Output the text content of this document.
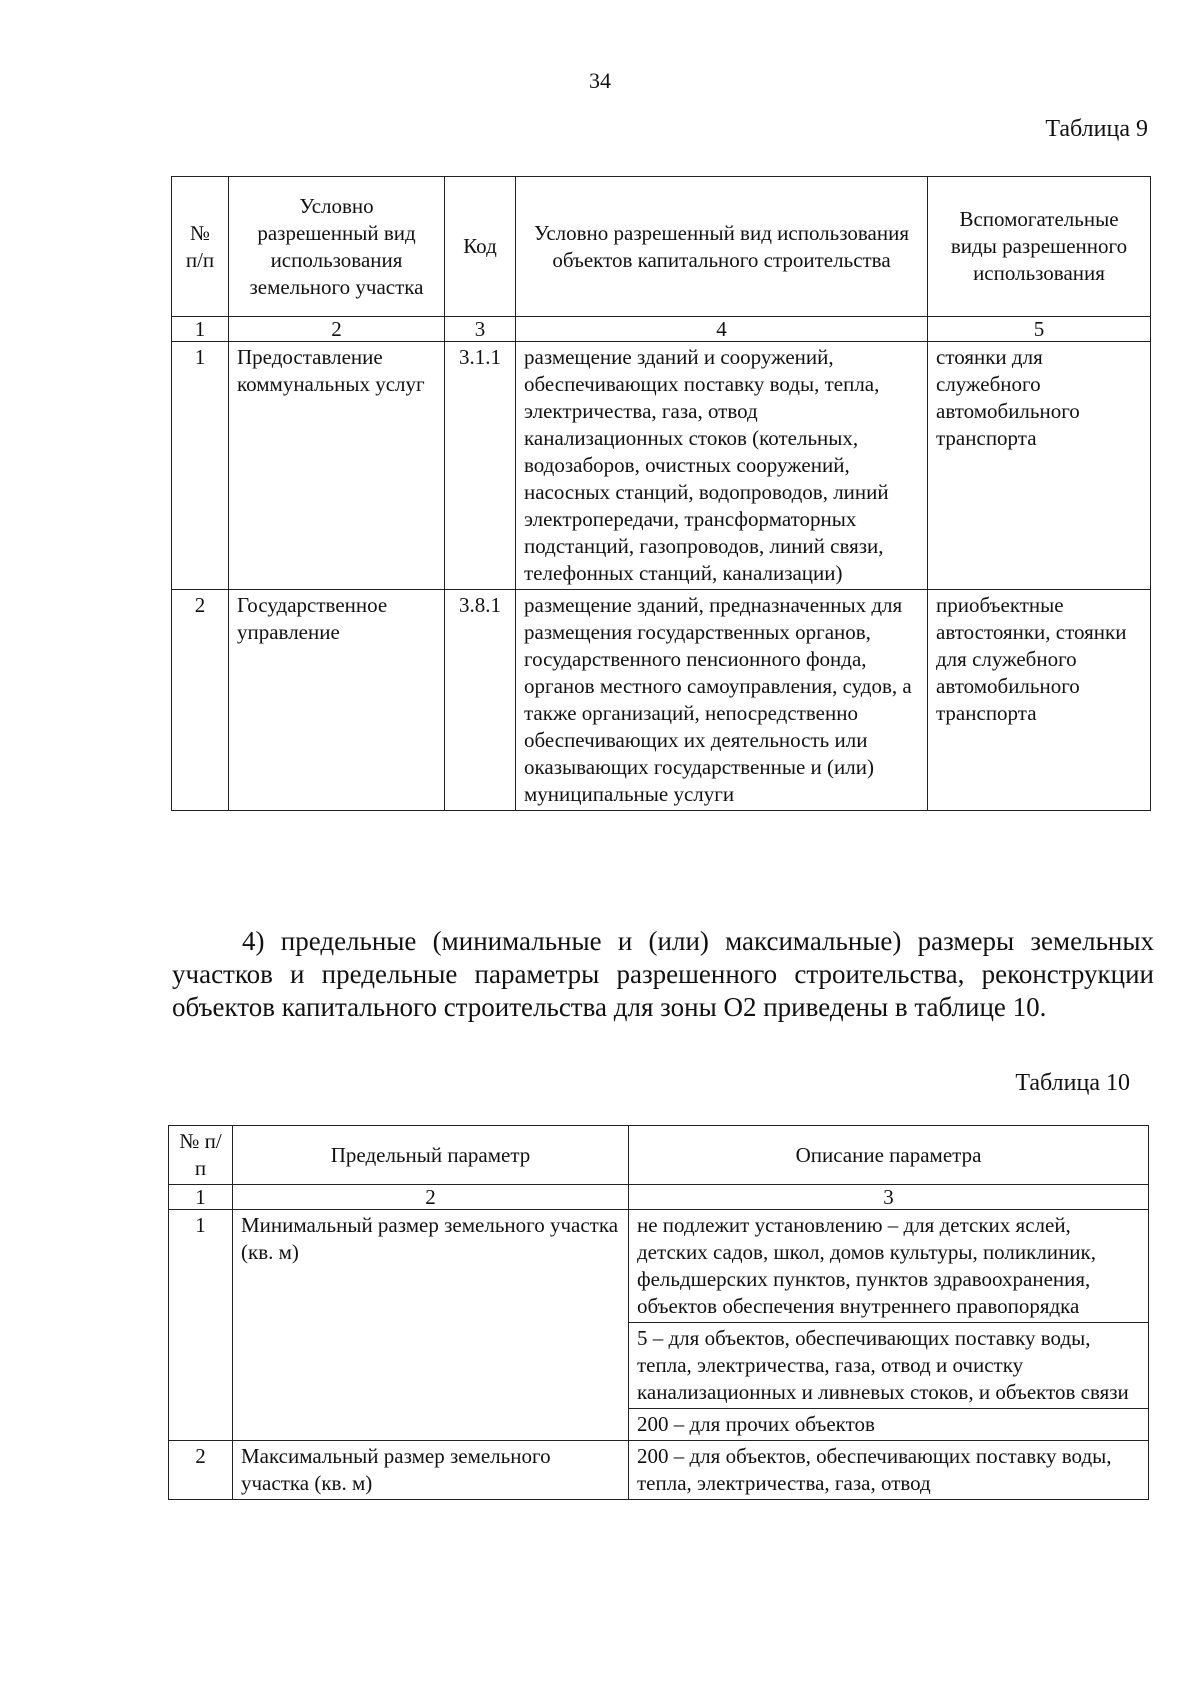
34
Таблица 9
№ п/п	Условно разрешенный вид использования земельного участка	Код	Условно разрешенный вид использования объектов капитального строительства	Вспомогательные виды разрешенного использования
1	2	3	4	5
1	Предоставление коммунальных услуг	3.1.1	размещение зданий и сооружений, обеспечивающих поставку воды, тепла, электричества, газа, отвод канализационных стоков (котельных, водозаборов, очистных сооружений, насосных станций, водопроводов, линий электропередачи, трансформаторных подстанций, газопроводов, линий связи, телефонных станций, канализации)	стоянки для служебного автомобильного транспорта
2	Государственное управление	3.8.1	размещение зданий, предназначенных для размещения государственных органов, государственного пенсионного фонда, органов местного самоуправления, судов, а также организаций, непосредственно обеспечивающих их деятельность или оказывающих государственные и (или) муниципальные услуги	приобъектные автостоянки, стоянки для служебного автомобильного транспорта
4) предельные (минимальные и (или) максимальные) размеры земельных участков и предельные параметры разрешенного строительства, реконструкции объектов капитального строительства для зоны О2 приведены в таблице 10.
Таблица 10
№ п/п	Предельный параметр	Описание параметра
1	2	3
1	Минимальный размер земельного участка (кв. м)	не подлежит установлению – для детских яслей, детских садов, школ, домов культуры, поликлиник, фельдшерских пунктов, пунктов здравоохранения, объектов обеспечения внутреннего правопорядка
		5 – для объектов, обеспечивающих поставку воды, тепла, электричества, газа, отвод и очистку канализационных и ливневых стоков, и объектов связи
		200 – для прочих объектов
2	Максимальный размер земельного участка (кв. м)	200 – для объектов, обеспечивающих поставку воды, тепла, электричества, газа, отвод
